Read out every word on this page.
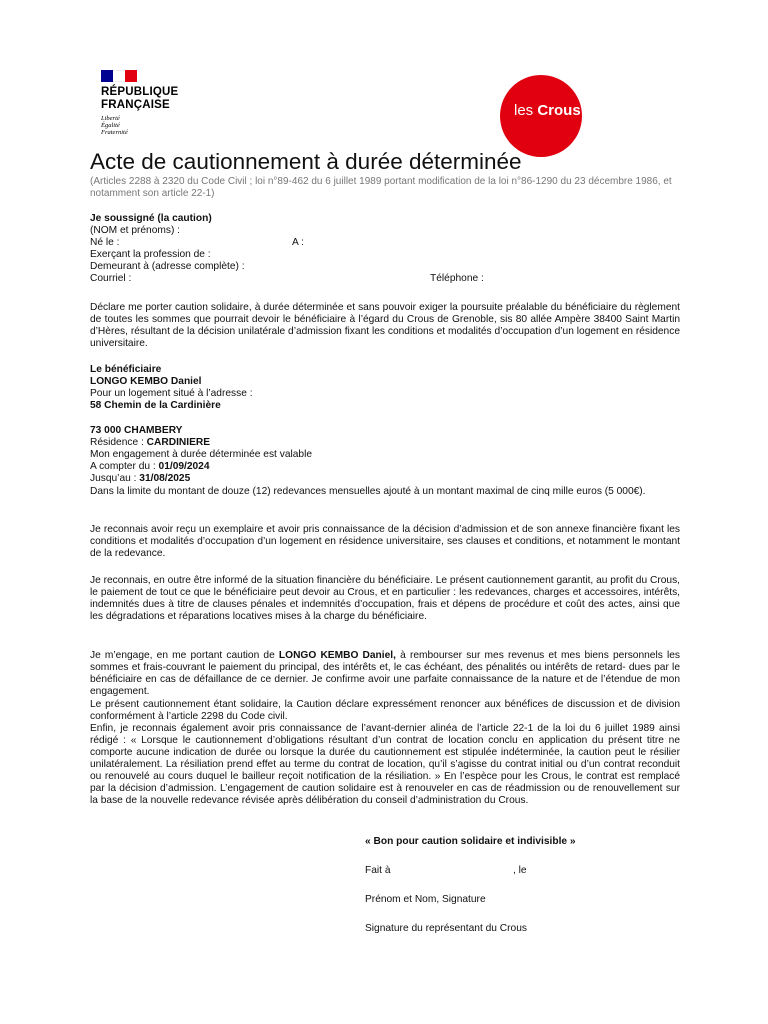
RÉPUBLIQUE
FRANÇAISE
Liberté
Égalité
Fraternité
les Crous
Acte de cautionnement à durée déterminée
(Articles 2288 à 2320 du Code Civil ; loi n°89-462 du 6 juillet 1989 portant modification de la loi n°86-1290 du 23 décembre 1986, et notamment son article 22-1)
Je soussigné (la caution)
(NOM et prénoms) :
Né le :	A :
Exerçant la profession de :
Demeurant à (adresse complète) :
Courriel :	Téléphone :
Déclare me porter caution solidaire, à durée déterminée et sans pouvoir exiger la poursuite préalable du bénéficiaire du règlement de toutes les sommes que pourrait devoir le bénéficiaire à l’égard du Crous de Grenoble, sis 80 allée Ampère 38400 Saint Martin d’Hères, résultant de la décision unilatérale d’admission fixant les conditions et modalités d’occupation d’un logement en résidence universitaire.
Le bénéficiaire
LONGO KEMBO Daniel
Pour un logement situé à l’adresse :
58 Chemin de la Cardinière
73 000 CHAMBERY
Résidence : CARDINIERE
Mon engagement à durée déterminée est valable
A compter du : 01/09/2024
Jusqu’au : 31/08/2025
Dans la limite du montant de douze (12) redevances mensuelles ajouté à un montant maximal de cinq mille euros (5 000€).
Je reconnais avoir reçu un exemplaire et avoir pris connaissance de la décision d’admission et de son annexe financière fixant les conditions et modalités d’occupation d’un logement en résidence universitaire, ses clauses et conditions, et notamment le montant de la redevance.
Je reconnais, en outre être informé de la situation financière du bénéficiaire. Le présent cautionnement garantit, au profit du Crous, le paiement de tout ce que le bénéficiaire peut devoir au Crous, et en particulier : les redevances, charges et accessoires, intérêts, indemnités dues à titre de clauses pénales et indemnités d’occupation, frais et dépens de procédure et coût des actes, ainsi que les dégradations et réparations locatives mises à la charge du bénéficiaire.
Je m’engage, en me portant caution de LONGO KEMBO Daniel, à rembourser sur mes revenus et mes biens personnels les sommes et frais-couvrant le paiement du principal, des intérêts et, le cas échéant, des pénalités ou intérêts de retard- dues par le bénéficiaire en cas de défaillance de ce dernier. Je confirme avoir une parfaite connaissance de la nature et de l’étendue de mon engagement.
Le présent cautionnement étant solidaire, la Caution déclare expressément renoncer aux bénéfices de discussion et de division conformément à l’article 2298 du Code civil.
Enfin, je reconnais également avoir pris connaissance de l’avant-dernier alinéa de l’article 22-1 de la loi du 6 juillet 1989 ainsi rédigé : « Lorsque le cautionnement d’obligations résultant d’un contrat de location conclu en application du présent titre ne comporte aucune indication de durée ou lorsque la durée du cautionnement est stipulée indéterminée, la caution peut le résilier unilatéralement. La résiliation prend effet au terme du contrat de location, qu’il s’agisse du contrat initial ou d’un contrat reconduit ou renouvelé au cours duquel le bailleur reçoit notification de la résiliation. » En l’espèce pour les Crous, le contrat est remplacé par la décision d’admission. L’engagement de caution solidaire est à renouveler en cas de réadmission ou de renouvellement sur la base de la nouvelle redevance révisée après délibération du conseil d’administration du Crous.
« Bon pour caution solidaire et indivisible »
Fait à	, le
Prénom et Nom, Signature
Signature du représentant du Crous
